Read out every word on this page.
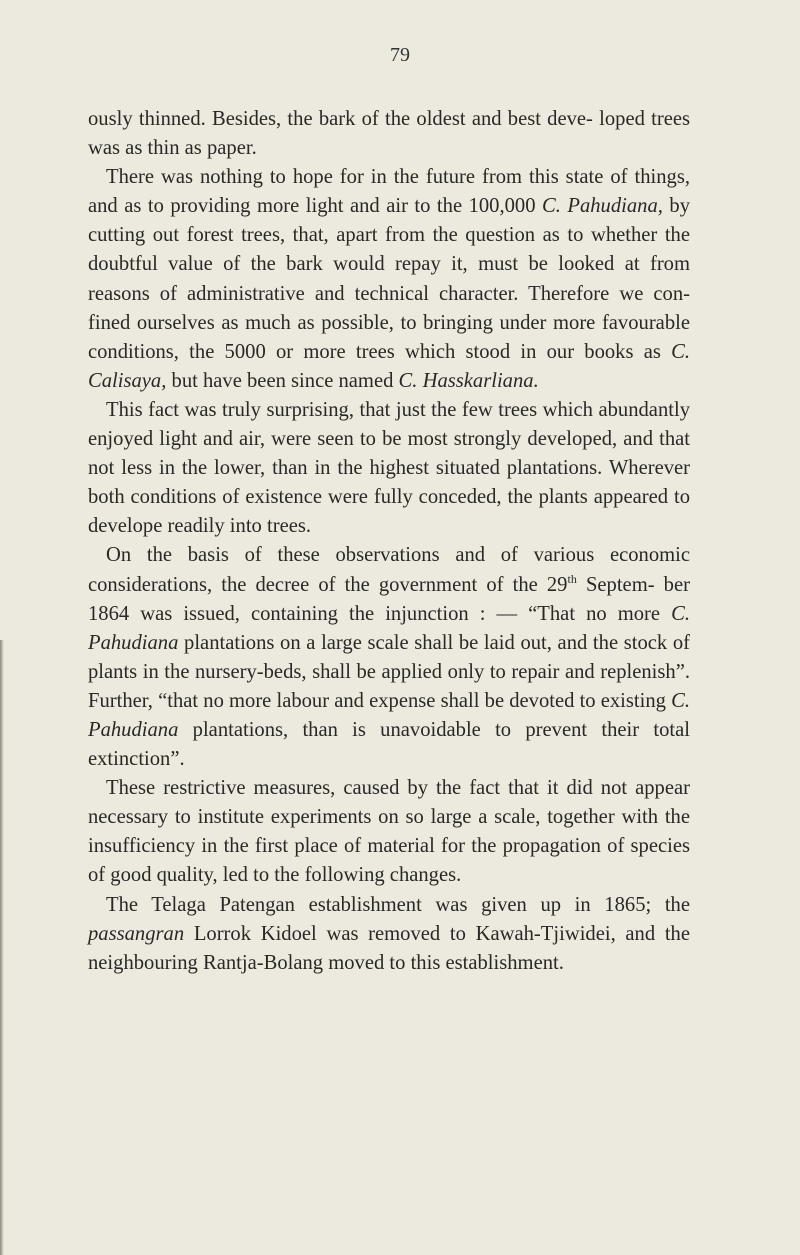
79

ously thinned. Besides, the bark of the oldest and best deve- loped trees was as thin as paper.

There was nothing to hope for in the future from this state of things, and as to providing more light and air to the 100,000 C. Pahudiana, by cutting out forest trees, that, apart from the question as to whether the doubtful value of the bark would repay it, must be looked at from reasons of administrative and technical character. Therefore we con- fined ourselves as much as possible, to bringing under more favourable conditions, the 5000 or more trees which stood in our books as C. Calisaya, but have been since named C. Hasskarliana.

This fact was truly surprising, that just the few trees which abundantly enjoyed light and air, were seen to be most strongly developed, and that not less in the lower, than in the highest situated plantations. Wherever both conditions of existence were fully conceded, the plants appeared to develope readily into trees.

On the basis of these observations and of various economic considerations, the decree of the government of the 29th Septem- ber 1864 was issued, containing the injunction : — “That no more C. Pahudiana plantations on a large scale shall be laid out, and the stock of plants in the nursery-beds, shall be applied only to repair and replenish”. Further, “that no more labour and expense shall be devoted to existing C. Pahudiana plantations, than is unavoidable to prevent their total extinction”.

These restrictive measures, caused by the fact that it did not appear necessary to institute experiments on so large a scale, together with the insufficiency in the first place of material for the propagation of species of good quality, led to the following changes.

The Telaga Patengan establishment was given up in 1865; the passangran Lorrok Kidoel was removed to Kawah-Tjiwidei, and the neighbouring Rantja-Bolang moved to this establishment.
